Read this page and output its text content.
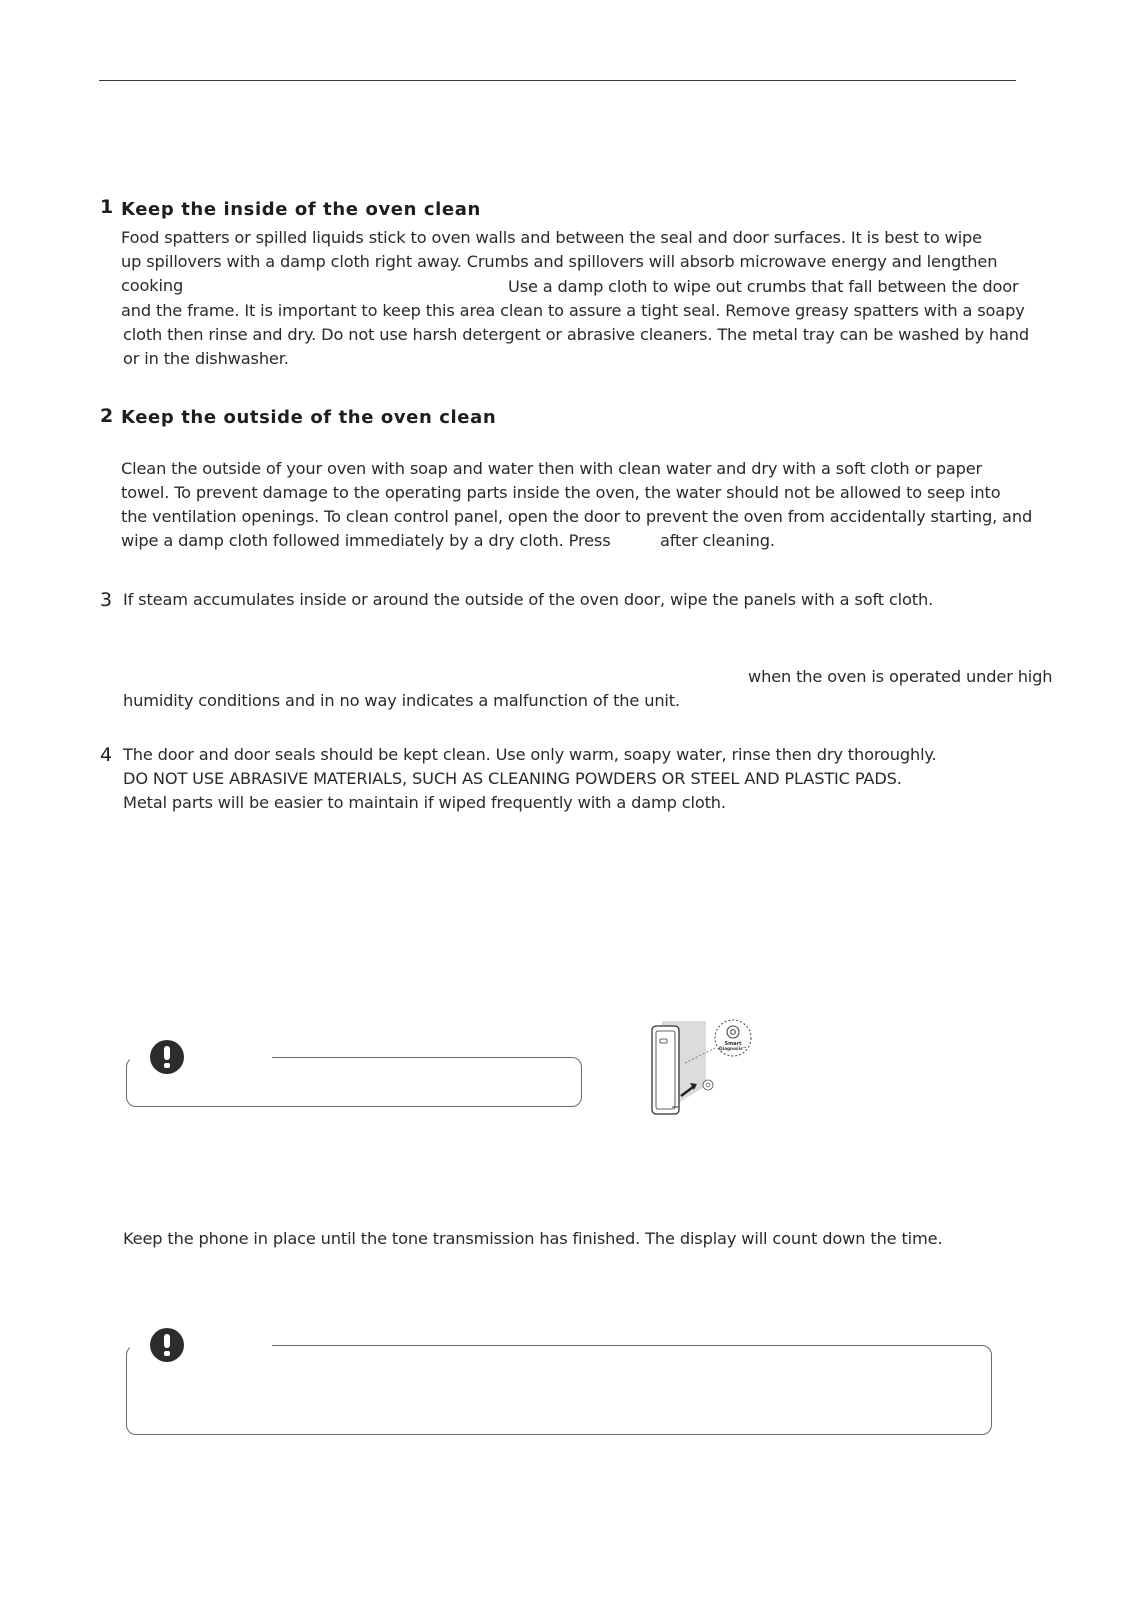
1 Keep the inside of the oven clean
Food spatters or spilled liquids stick to oven walls and between the seal and door surfaces. It is best to wipe
up spillovers with a damp cloth right away. Crumbs and spillovers will absorb microwave energy and lengthen
cooking	Use a damp cloth to wipe out crumbs that fall between the door
and the frame. It is important to keep this area clean to assure a tight seal. Remove greasy spatters with a soapy
cloth then rinse and dry. Do not use harsh detergent or abrasive cleaners. The metal tray can be washed by hand
or in the dishwasher.
2 Keep the outside of the oven clean
Clean the outside of your oven with soap and water then with clean water and dry with a soft cloth or paper
towel. To prevent damage to the operating parts inside the oven, the water should not be allowed to seep into
the ventilation openings. To clean control panel, open the door to prevent the oven from accidentally starting, and
wipe a damp cloth followed immediately by a dry cloth. Press	after cleaning.
3 If steam accumulates inside or around the outside of the oven door, wipe the panels with a soft cloth.
when the oven is operated under high
humidity conditions and in no way indicates a malfunction of the unit.
4 The door and door seals should be kept clean. Use only warm, soapy water, rinse then dry thoroughly.
DO NOT USE ABRASIVE MATERIALS, SUCH AS CLEANING POWDERS OR STEEL AND PLASTIC PADS.
Metal parts will be easier to maintain if wiped frequently with a damp cloth.
Smart
Diagnosis™
Keep the phone in place until the tone transmission has finished. The display will count down the time.
